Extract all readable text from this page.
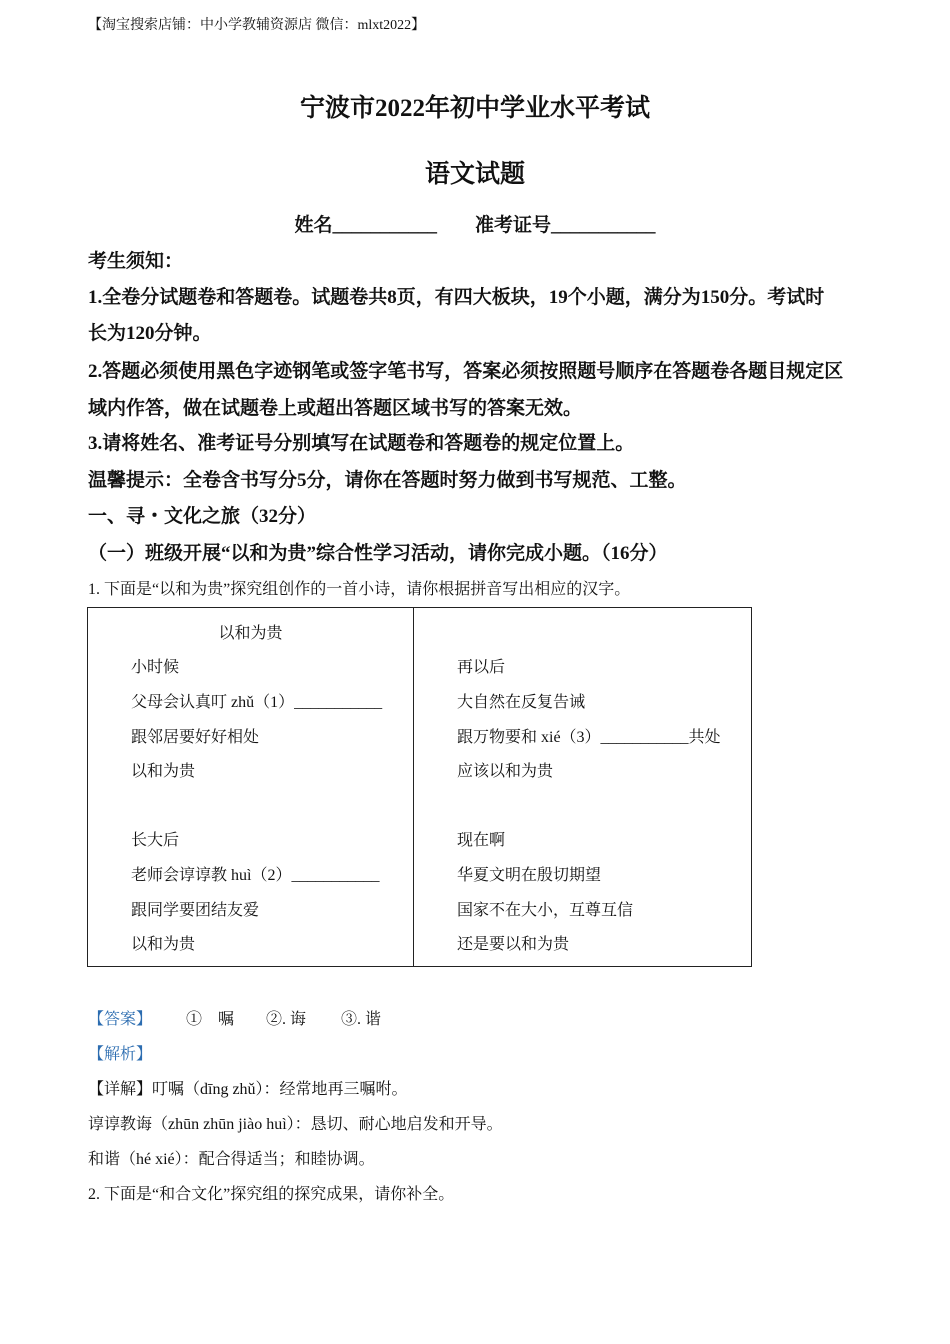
【淘宝搜索店铺：中小学教辅资源店 微信：mlxt2022】
宁波市2022年初中学业水平考试
语文试题
姓名___________ 准考证号___________
考生须知：
1.全卷分试题卷和答题卷。试题卷共8页，有四大板块，19个小题，满分为150分。考试时
长为120分钟。
2.答题必须使用黑色字迹钢笔或签字笔书写，答案必须按照题号顺序在答题卷各题目规定区
域内作答，做在试题卷上或超出答题区域书写的答案无效。
3.请将姓名、准考证号分别填写在试题卷和答题卷的规定位置上。
温馨提示：全卷含书写分5分，请你在答题时努力做到书写规范、工整。
一、寻・文化之旅（32分）
（一）班级开展“以和为贵”综合性学习活动，请你完成小题。（16分）
1. 下面是“以和为贵”探究组创作的一首小诗，请你根据拼音写出相应的汉字。
以和为贵
小时候
父母会认真叮 zhǔ（1）___________
跟邻居要好好相处
以和为贵
长大后
老师会谆谆教 huì（2）___________
跟同学要团结友爱
以和为贵

再以后
大自然在反复告诫
跟万物要和 xié（3）___________共处
应该以和为贵
现在啊
华夏文明在殷切期望
国家不在大小，互尊互信
还是要以和为贵
【答案】 ①　嘱 ②. 诲 ③. 谐
【解析】
【详解】叮嘱（dīng zhǔ）：经常地再三嘱咐。
谆谆教诲（zhūn zhūn jiào huì）：恳切、耐心地启发和开导。
和谐（hé xié）：配合得适当；和睦协调。
2. 下面是“和合文化”探究组的探究成果，请你补全。
